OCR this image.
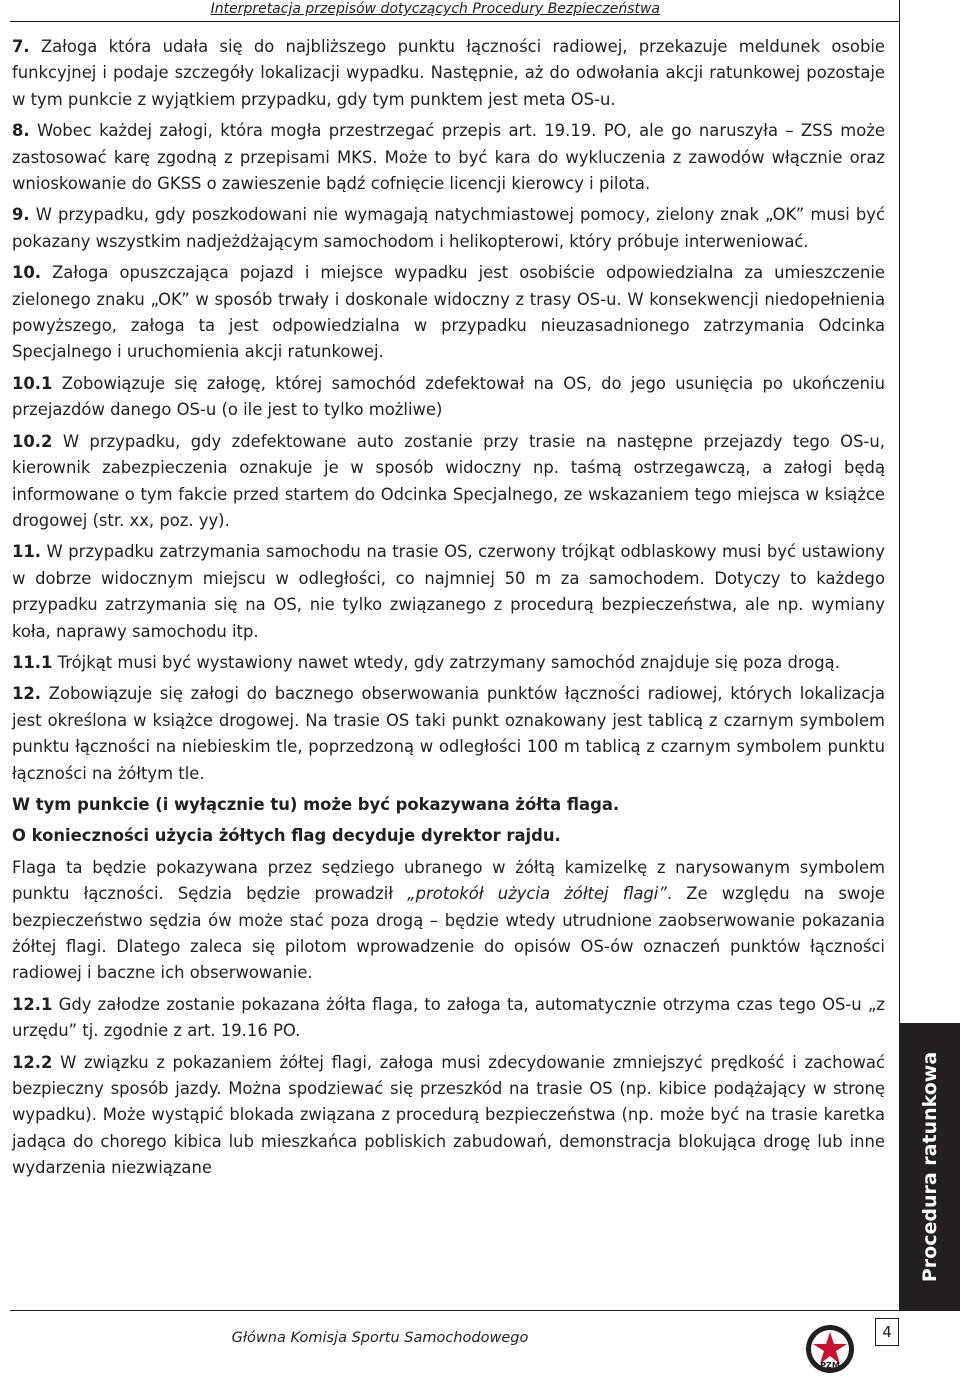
Interpretacja przepisów dotyczących Procedury Bezpieczeństwa

7. Załoga która udała się do najbliższego punktu łączności radiowej, przekazuje meldunek osobie funkcyjnej i podaje szczegóły lokalizacji wypadku. Następnie, aż do odwołania akcji ratunkowej pozostaje w tym punkcie z wyjątkiem przypadku, gdy tym punktem jest meta OS-u.

8. Wobec każdej załogi, która mogła przestrzegać przepis art. 19.19. PO, ale go naruszyła – ZSS może zastosować karę zgodną z przepisami MKS. Może to być kara do wykluczenia z zawodów włącznie oraz wnioskowanie do GKSS o zawieszenie bądź cofnięcie licencji kierowcy i pilota.

9. W przypadku, gdy poszkodowani nie wymagają natychmiastowej pomocy, zielony znak „OK” musi być pokazany wszystkim nadjeżdżającym samochodom i helikopterowi, który próbuje interweniować.

10. Załoga opuszczająca pojazd i miejsce wypadku jest osobiście odpowiedzialna za umieszczenie zielonego znaku „OK” w sposób trwały i doskonale widoczny z trasy OS-u. W konsekwencji niedopełnienia powyższego, załoga ta jest odpowiedzialna w przypadku nieuzasadnionego zatrzymania Odcinka Specjalnego i uruchomienia akcji ratunkowej.

10.1 Zobowiązuje się załogę, której samochód zdefektował na OS, do jego usunięcia po ukończeniu przejazdów danego OS-u (o ile jest to tylko możliwe)

10.2 W przypadku, gdy zdefektowane auto zostanie przy trasie na następne przejazdy tego OS-u, kierownik zabezpieczenia oznakuje je w sposób widoczny np. taśmą ostrzegawczą, a załogi będą informowane o tym fakcie przed startem do Odcinka Specjalnego, ze wskazaniem tego miejsca w książce drogowej (str. xx, poz. yy).

11. W przypadku zatrzymania samochodu na trasie OS, czerwony trójkąt odblaskowy musi być ustawiony w dobrze widocznym miejscu w odległości, co najmniej 50 m za samochodem. Dotyczy to każdego przypadku zatrzymania się na OS, nie tylko związanego z procedurą bezpieczeństwa, ale np. wymiany koła, naprawy samochodu itp.

11.1 Trójkąt musi być wystawiony nawet wtedy, gdy zatrzymany samochód znajduje się poza drogą.

12. Zobowiązuje się załogi do bacznego obserwowania punktów łączności radiowej, których lokalizacja jest określona w książce drogowej. Na trasie OS taki punkt oznakowany jest tablicą z czarnym symbolem punktu łączności na niebieskim tle, poprzedzoną w odległości 100 m tablicą z czarnym symbolem punktu łączności na żółtym tle.

W tym punkcie (i wyłącznie tu) może być pokazywana żółta flaga.

O konieczności użycia żółtych flag decyduje dyrektor rajdu.

Flaga ta będzie pokazywana przez sędziego ubranego w żółtą kamizelkę z narysowanym symbolem punktu łączności. Sędzia będzie prowadził „protokół użycia żółtej flagi”. Ze względu na swoje bezpieczeństwo sędzia ów może stać poza drogą – będzie wtedy utrudnione zaobserwowanie pokazania żółtej flagi. Dlatego zaleca się pilotom wprowadzenie do opisów OS-ów oznaczeń punktów łączności radiowej i baczne ich obserwowanie.

12.1 Gdy załodze zostanie pokazana żółta flaga, to załoga ta, automatycznie otrzyma czas tego OS-u „z urzędu” tj. zgodnie z art. 19.16 PO.

12.2 W związku z pokazaniem żółtej flagi, załoga musi zdecydowanie zmniejszyć prędkość i zachować bezpieczny sposób jazdy. Można spodziewać się przeszkód na trasie OS (np. kibice podążający w stronę wypadku). Może wystąpić blokada związana z procedurą bezpieczeństwa (np. może być na trasie karetka jadąca do chorego kibica lub mieszkańca pobliskich zabudowań, demonstracja blokująca drogę lub inne wydarzenia niezwiązane	Procedura ratunkowa
Główna Komisja Sportu Samochodowego
PZM
4
